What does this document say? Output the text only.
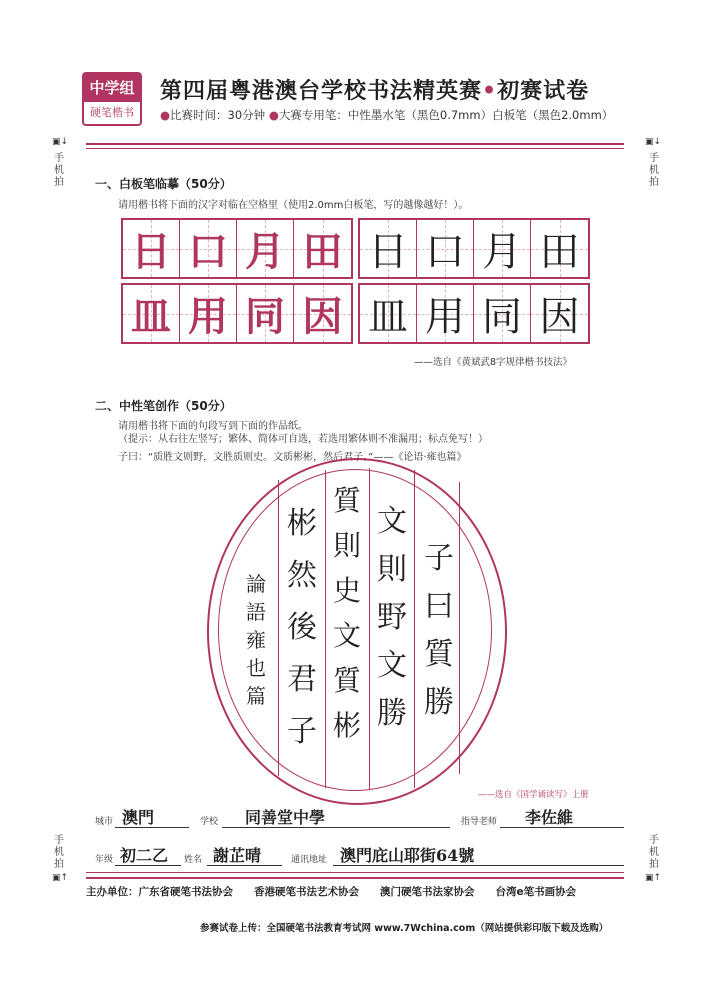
中学组
硬笔楷书
第四届粤港澳台学校书法精英赛•初赛试卷
●比赛时间：30分钟 ●大赛专用笔：中性墨水笔（黑色0.7mm）白板笔（黑色2.0mm）
▣↓
手机拍
▣↓
手机拍
一、白板笔临摹（50分）
请用楷书将下面的汉字对临在空格里（使用2.0mm白板笔，写的越像越好！）。
日 口 月 田 日 口 月 田
皿 用 同 因 皿 用 同 因
——选自《黄斌武8字规律楷书技法》
二、中性笔创作（50分）
请用楷书将下面的句段写到下面的作品纸。
（提示：从右往左竖写；繁体、简体可自选，若选用繁体则不准漏用；标点免写！）
子曰：“质胜文则野，文胜质则史。文质彬彬，然后君子。”——《论语·雍也篇》
子
曰
質
勝
文
則
野
文
勝
質
則
史
文
質
彬
彬
然
後
君
子
論
語
雍
也
篇
——选自《国学诵读写》上册
城市 澳門	学校 同善堂中學	指导老师 李佐維
年级 初二乙 姓名 謝芷晴	通讯地址 澳門庇山耶街64號
手机拍
▣↑
手机拍
▣↑
主办单位：广东省硬笔书法协会　　香港硬笔书法艺术协会　　澳门硬笔书法家协会　　台湾e笔书画协会
参赛试卷上传：全国硬笔书法教育考试网 www.7Wchina.com（网站提供彩印版下载及选购）
